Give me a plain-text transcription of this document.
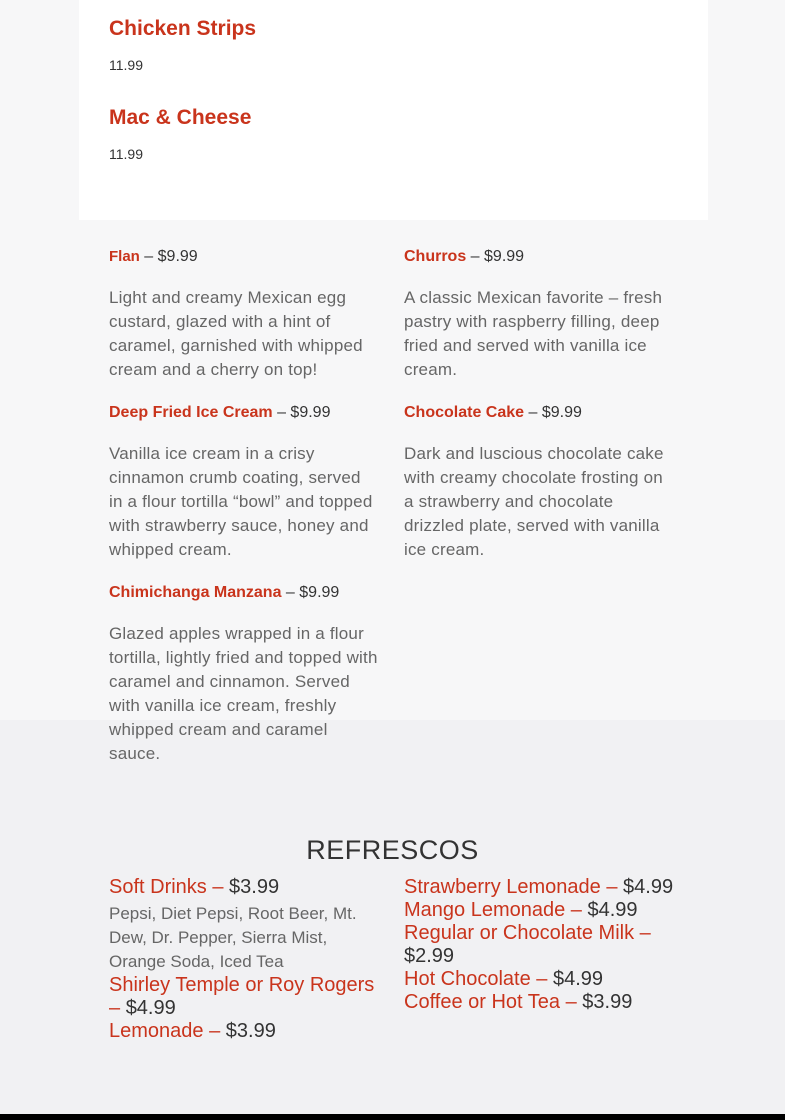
Chicken Strips
11.99
Mac & Cheese
11.99
Flan – $9.99
Light and creamy Mexican egg custard, glazed with a hint of caramel, garnished with whipped cream and a cherry on top!
Deep Fried Ice Cream – $9.99
Vanilla ice cream in a crisy cinnamon crumb coating, served in a flour tortilla “bowl” and topped with strawberry sauce, honey and whipped cream.
Chimichanga Manzana – $9.99
Glazed apples wrapped in a flour tortilla, lightly fried and topped with caramel and cinnamon. Served with vanilla ice cream, freshly whipped cream and caramel sauce.
Churros – $9.99
A classic Mexican favorite – fresh pastry with raspberry filling, deep fried and served with vanilla ice cream.
Chocolate Cake – $9.99
Dark and luscious chocolate cake with creamy chocolate frosting on a strawberry and chocolate drizzled plate, served with vanilla ice cream.
REFRESCOS
Soft Drinks – $3.99

Pepsi, Diet Pepsi, Root Beer, Mt. Dew, Dr. Pepper, Sierra Mist, Orange Soda, Iced Tea

Shirley Temple or Roy Rogers – $4.99
Lemonade – $3.99
Strawberry Lemonade – $4.99
Mango Lemonade – $4.99
Regular or Chocolate Milk – $2.99
Hot Chocolate – $4.99
Coffee or Hot Tea – $3.99
